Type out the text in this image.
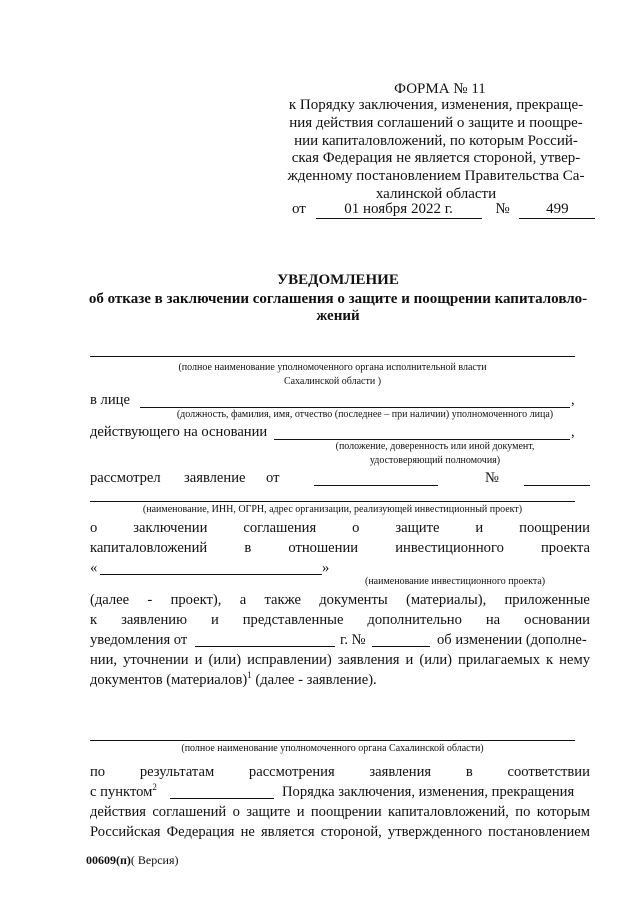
ФОРМА № 11
к Порядку заключения, изменения, прекраще-
ния действия соглашений о защите и поощре-
нии капиталовложений, по которым Россий-
ская Федерация не является стороной, утвер-
жденному постановлением Правительства Са-
халинской области
от	01 ноября 2022 г.	№ 499
УВЕДОМЛЕНИЕ
об отказе в заключении соглашения о защите и поощрении капиталовло-
жений
(полное наименование уполномоченного органа исполнительной власти
Сахалинской области )
в лице	,
(должность, фамилия, имя, отчество (последнее – при наличии) уполномоченного лица)
действующего на основании	,
(положение, доверенность или иной документ,
удостоверяющий полномочия)
рассмотрел заявление от	№
(наименование, ИНН, ОГРН, адрес организации, реализующей инвестиционный проект)
о заключении соглашения о защите и поощрении
капиталовложений	в	отношении	инвестиционного	проекта
«	»
(наименование инвестиционного проекта)
(далее - проект), а также документы (материалы), приложенные
к заявлению и представленные дополнительно на основании
уведомления от	г. №	об изменении (дополне-
нии, уточнении и (или) исправлении) заявления и (или) прилагаемых к нему
документов (материалов)$^1$ (далее - заявление).
(полное наименование уполномоченного органа Сахалинской области)
по результатам рассмотрения заявления в соответствии
с пунктом$^2$	Порядка заключения, изменения, прекращения
действия соглашений о защите и поощрении капиталовложений, по которым
Российская Федерация не является стороной, утвержденного постановлением
00609(п)( Версия)
